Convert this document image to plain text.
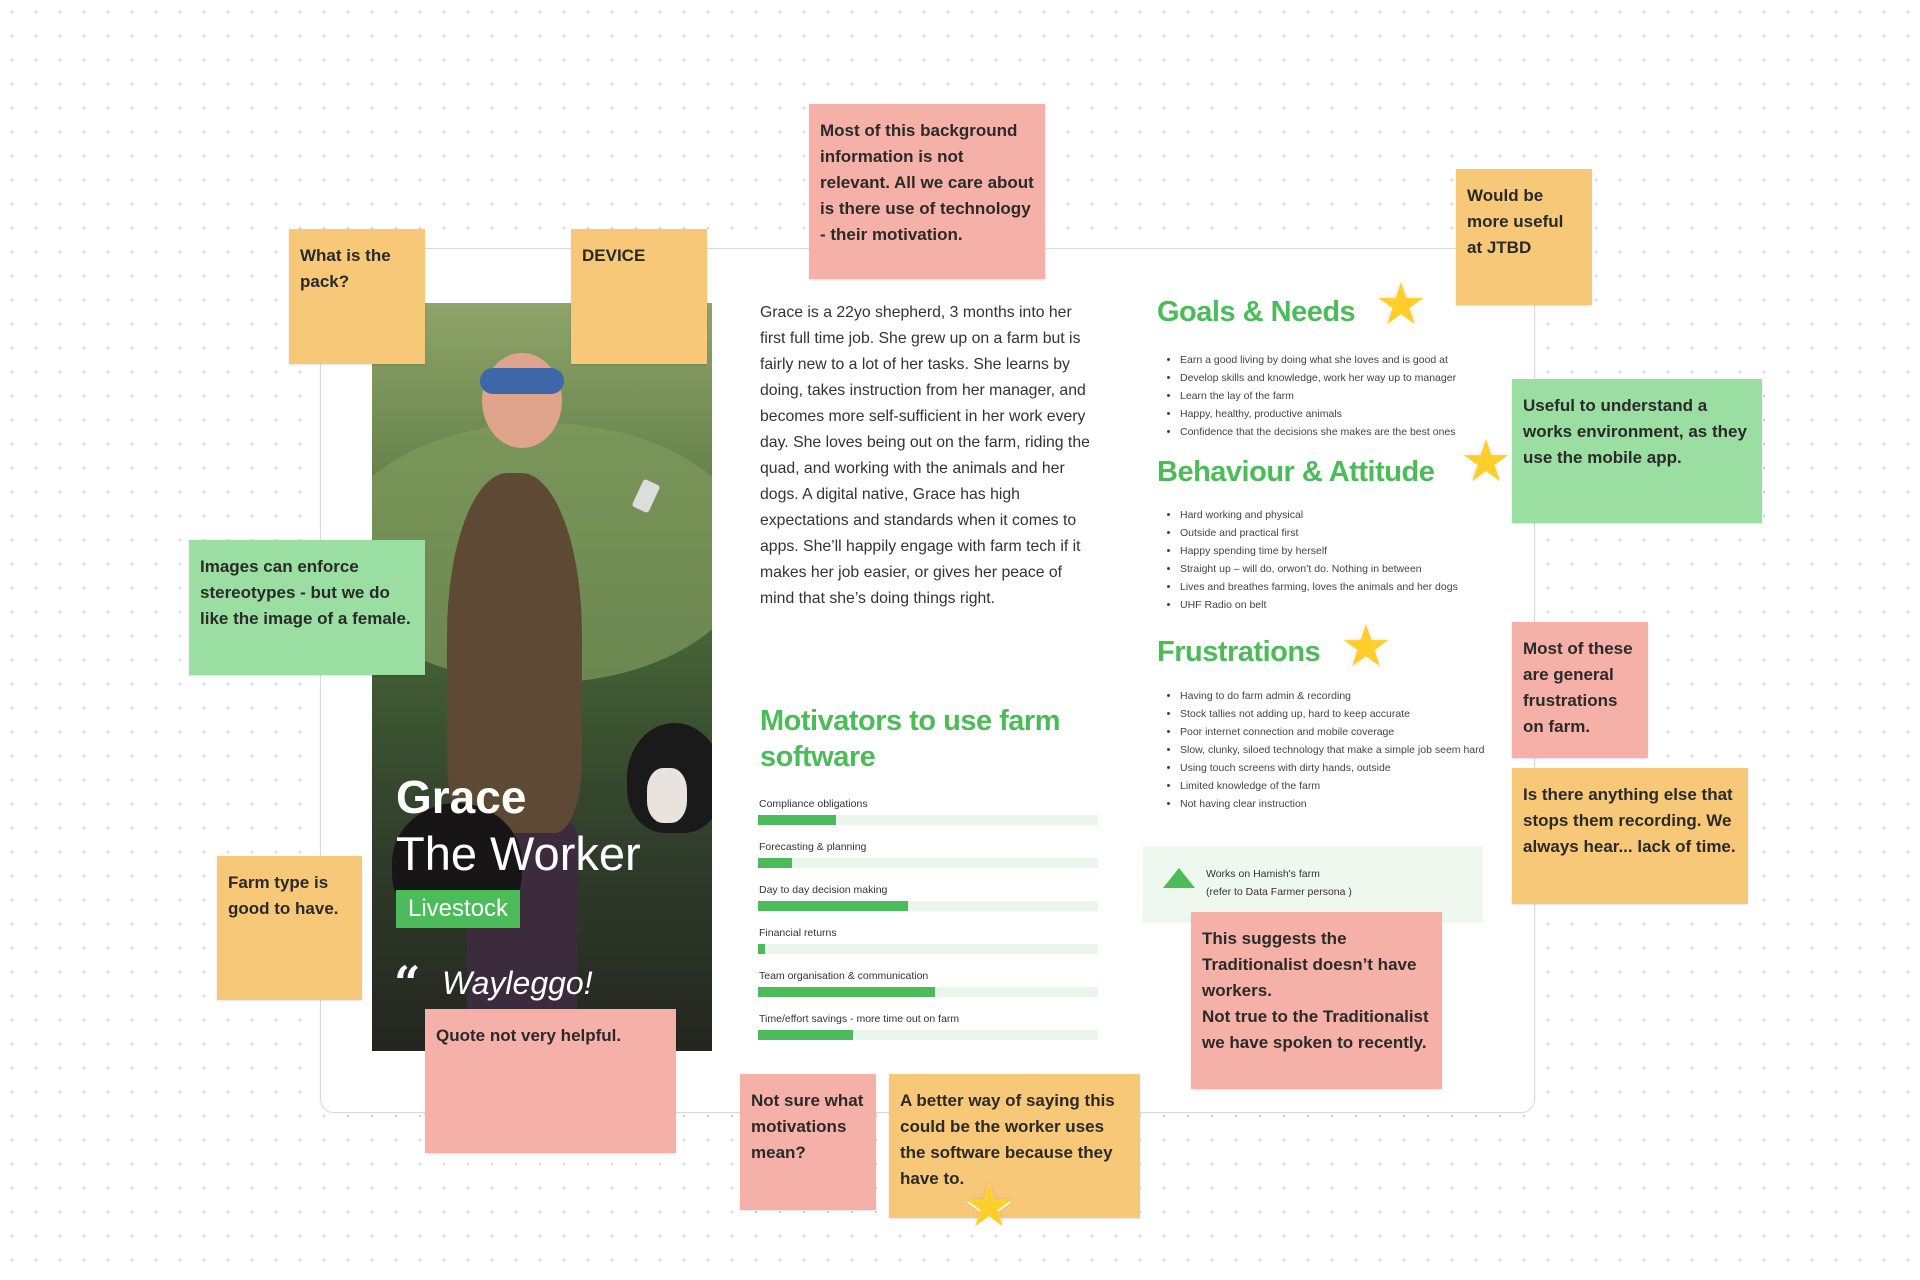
Grace
The Worker
Livestock
“ Wayleggo!
Grace is a 22yo shepherd, 3 months into her first full time job. She grew up on a farm but is fairly new to a lot of her tasks. She learns by doing, takes instruction from her manager, and becomes more self-sufficient in her work every day. She loves being out on the farm, riding the quad, and working with the animals and her dogs. A digital native, Grace has high expectations and standards when it comes to apps. She’ll happily engage with farm tech if it makes her job easier, or gives her peace of mind that she’s doing things right.
Motivators to use farm software
Compliance obligations
Forecasting & planning
Day to day decision making
Financial returns
Team organisation & communication
Time/effort savings - more time out on farm
Goals & Needs
• Earn a good living by doing what she loves and is good at
• Develop skills and knowledge, work her way up to manager
• Learn the lay of the farm
• Happy, healthy, productive animals
• Confidence that the decisions she makes are the best ones
Behaviour & Attitude
• Hard working and physical
• Outside and practical first
• Happy spending time by herself
• Straight up – will do, orwon’t do. Nothing in between
• Lives and breathes farming, loves the animals and her dogs
• UHF Radio on belt
Frustrations
• Having to do farm admin & recording
• Stock tallies not adding up, hard to keep accurate
• Poor internet connection and mobile coverage
• Slow, clunky, siloed technology that make a simple job seem hard
• Using touch screens with dirty hands, outside
• Limited knowledge of the farm
• Not having clear instruction
Works on Hamish's farm
(refer to Data Farmer persona )
★
★
★
What is the pack?
DEVICE
Most of this background information is not relevant. All we care about is there use of technology - their motivation.
Would be more useful at JTBD
Images can enforce stereotypes - but we do like the image of a female.
Useful to understand a works environment, as they use the mobile app.
Most of these are general frustrations on farm.
Is there anything else that stops them recording. We always hear... lack of time.
Farm type is good to have.
Quote not very helpful.
Not sure what motivations mean?
A better way of saying this could be the worker uses the software because they have to.
This suggests the Traditionalist doesn’t have workers.
Not true to the Traditionalist we have spoken to recently.
★
